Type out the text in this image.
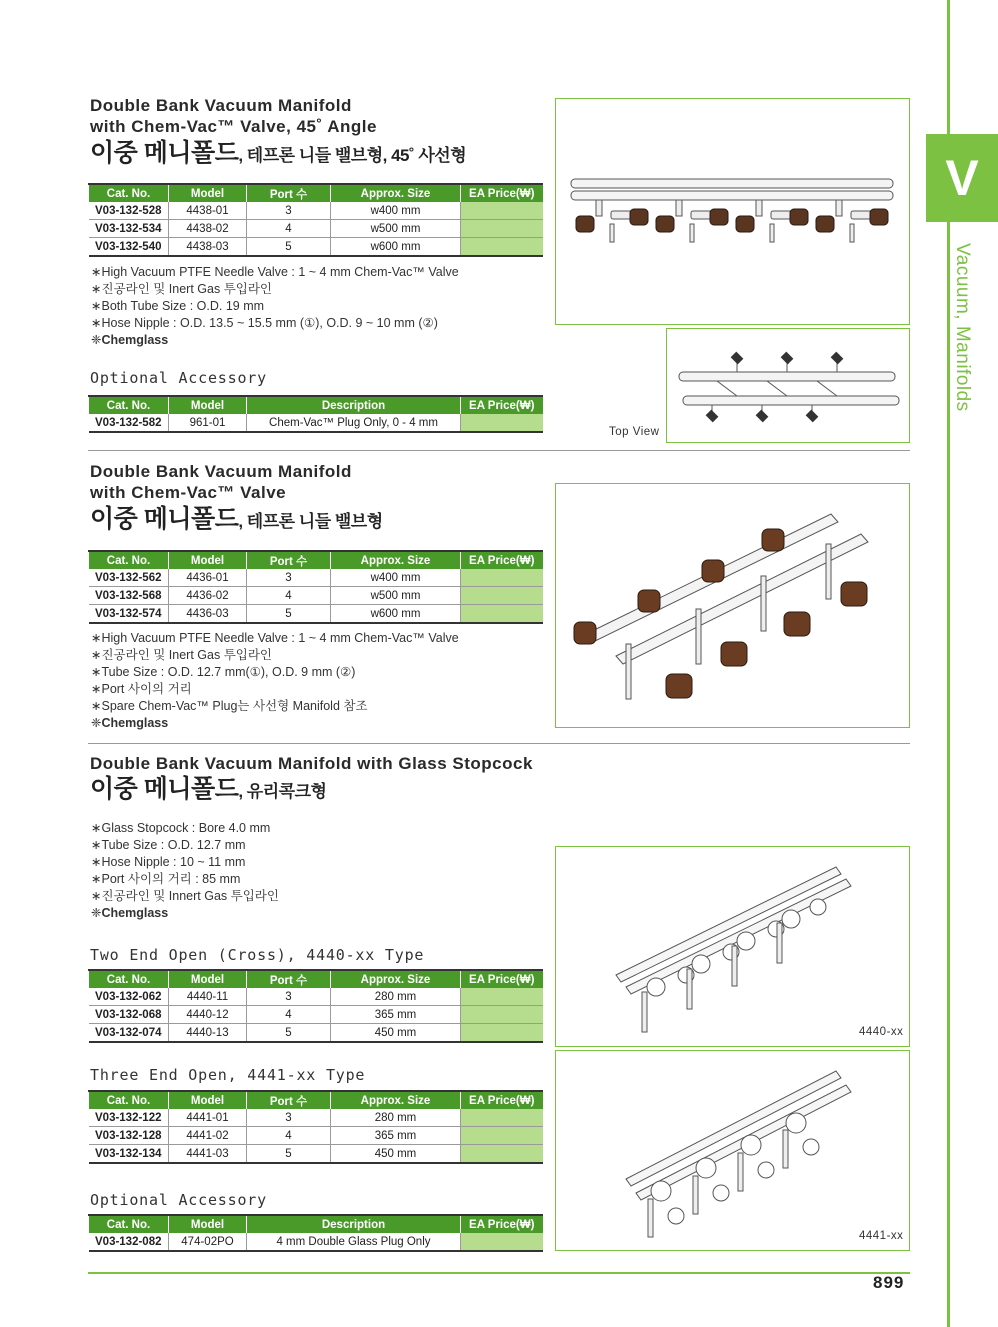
V
Vacuum, Manifolds
Double Bank Vacuum Manifold
with Chem-Vac™ Valve, 45˚ Angle
이중 메니폴드, 테프론 니들 밸브형, 45˚ 사선형
Cat. No.	Model	Port 수	Approx. Size	EA Price(₩)
V03-132-528	4438-01	3	w400 mm	
V03-132-534	4438-02	4	w500 mm	
V03-132-540	4438-03	5	w600 mm	
∗ High Vacuum PTFE Needle Valve : 1 ~ 4 mm Chem-Vac™ Valve
∗ 진공라인 및 Inert Gas 투입라인
∗ Both Tube Size : O.D. 19 mm
∗ Hose Nipple : O.D. 13.5 ~ 15.5 mm (①), O.D. 9 ~ 10 mm (②)
❈ Chemglass
Optional Accessory
Cat. No.	Model	Description	EA Price(₩)
V03-132-582	961-01	Chem-Vac™ Plug Only, 0 - 4 mm	
Top View
Double Bank Vacuum Manifold
with Chem-Vac™ Valve
이중 메니폴드, 테프론 니들 밸브형
Cat. No.	Model	Port 수	Approx. Size	EA Price(₩)
V03-132-562	4436-01	3	w400 mm	
V03-132-568	4436-02	4	w500 mm	
V03-132-574	4436-03	5	w600 mm	
∗ High Vacuum PTFE Needle Valve : 1 ~ 4 mm Chem-Vac™ Valve
∗ 진공라인 및 Inert Gas 투입라인
∗ Tube Size : O.D. 12.7 mm(①), O.D. 9 mm (②)
∗ Port 사이의 거리
∗ Spare Chem-Vac™ Plug는 사선형 Manifold 참조
❈ Chemglass
Double Bank Vacuum Manifold with Glass Stopcock
이중 메니폴드, 유리콕크형
∗ Glass Stopcock : Bore 4.0 mm
∗ Tube Size : O.D. 12.7 mm
∗ Hose Nipple : 10 ~ 11 mm
∗ Port 사이의 거리 : 85 mm
∗ 진공라인 및 Innert Gas 투입라인
❈ Chemglass
Two End Open (Cross), 4440-xx Type
Cat. No.	Model	Port 수	Approx. Size	EA Price(₩)
V03-132-062	4440-11	3	280 mm	
V03-132-068	4440-12	4	365 mm	
V03-132-074	4440-13	5	450 mm	
Three End Open, 4441-xx Type
Cat. No.	Model	Port 수	Approx. Size	EA Price(₩)
V03-132-122	4441-01	3	280 mm	
V03-132-128	4441-02	4	365 mm	
V03-132-134	4441-03	5	450 mm	
Optional Accessory
Cat. No.	Model	Description	EA Price(₩)
V03-132-082	474-02PO	4 mm Double Glass Plug Only	
4440-xx
4441-xx
899
